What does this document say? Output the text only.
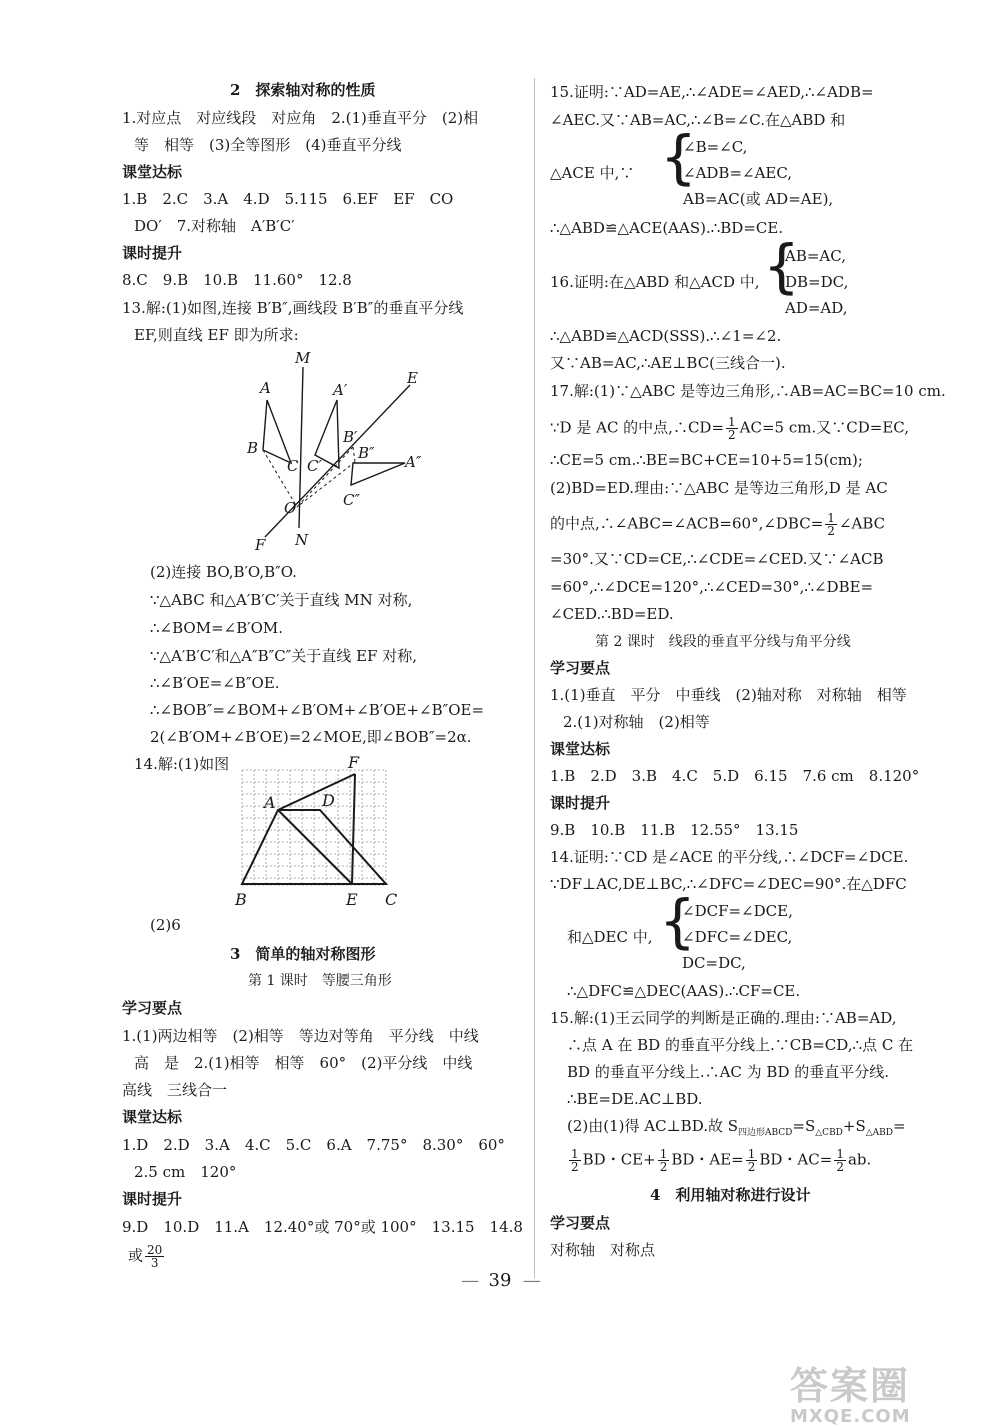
2　探索轴对称的性质
1.对应点　对应线段　对应角　2.(1)垂直平分　(2)相
等　相等　(3)全等图形　(4)垂直平分线
课堂达标
1.B　2.C　3.A　4.D　5.115　6.EF　EF　CO
DO′　7.对称轴　A′B′C′
课时提升
8.C　9.B　10.B　11.60°　12.8
13.解:(1)如图,连接 B′B″,画线段 B′B″的垂直平分线
EF,则直线 EF 即为所求:
M
E
A	A′
B
B′
B″ A″
C C′
C″
O
F N
(2)连接 BO,B′O,B″O.
∵△ABC 和△A′B′C′关于直线 MN 对称,
∴∠BOM=∠B′OM.
∵△A′B′C′和△A″B″C″关于直线 EF 对称,
∴∠B′OE=∠B″OE.
∴∠BOB″=∠BOM+∠B′OM+∠B′OE+∠B″OE=
2(∠B′OM+∠B′OE)=2∠MOE,即∠BOB″=2α.
14.解:(1)如图	F
A	D
B	E C
(2)6
3　简单的轴对称图形
第 1 课时　等腰三角形
学习要点
1.(1)两边相等　(2)相等　等边对等角　平分线　中线
高　是　2.(1)相等　相等　60°　(2)平分线　中线
高线　三线合一
课堂达标
1.D　2.D　3.A　4.C　5.C　6.A　7.75°　8.30°　60°
2.5 cm　120°
课时提升
9.D　10.D　11.A　12.40°或 70°或 100°　13.15　14.8
或 $\frac{20}{3}$
15.证明:∵AD=AE,∴∠ADE=∠AED,∴∠ADB=
∠AEC.又∵AB=AC,∴∠B=∠C.在△ABD 和
△ACE 中,∵ {
∠B=∠C,
∠ADB=∠AEC,
AB=AC(或 AD=AE),
∴△ABD≌△ACE(AAS).∴BD=CE.
16.证明:在△ABD 和△ACD 中, {
AB=AC,
DB=DC,
AD=AD,
∴△ABD≌△ACD(SSS).∴∠1=∠2.
又∵AB=AC,∴AE⊥BC(三线合一).
17.解:(1)∵△ABC 是等边三角形,∴AB=AC=BC=10 cm.
∵D 是 AC 的中点,∴CD= $\frac{1}{2} AC=5$ cm.又∵CD=EC,
∴CE=5 cm.∴BE=BC+CE=10+5=15(cm);
(2)BD=ED.理由:∵△ABC 是等边三角形,D 是 AC
的中点,∴∠ABC=∠ACB=60°,∠DBC= $\frac{1}{2}$ ∠ABC
=30°.又∵CD=CE,∴∠CDE=∠CED.又∵∠ACB
=60°,∴∠DCE=120°,∴∠CED=30°,∴∠DBE=
∠CED.∴BD=ED.
第 2 课时　线段的垂直平分线与角平分线
学习要点
1.(1)垂直　平分　中垂线　(2)轴对称　对称轴　相等
2.(1)对称轴　(2)相等
课堂达标
1.B　2.D　3.B　4.C　5.D　6.15　7.6 cm　8.120°
课时提升
9.B　10.B　11.B　12.55°　13.15
14.证明:∵CD 是∠ACE 的平分线,∴∠DCF=∠DCE.
∵DF⊥AC,DE⊥BC,∴∠DFC=∠DEC=90°.在△DFC
和△DEC 中, {
∠DCF=∠DCE,
∠DFC=∠DEC,
DC=DC,
∴△DFC≌△DEC(AAS).∴CF=CE.
15.解:(1)王云同学的判断是正确的.理由:∵AB=AD,
∴点 A 在 BD 的垂直平分线上.∵CB=CD,∴点 C 在
BD 的垂直平分线上.∴AC 为 BD 的垂直平分线.
∴BE=DE.AC⊥BD.
(2)由(1)得 AC⊥BD.故 $S_{四边形ABCD}=S_{\triangle CBD}+S_{\triangle ABD}=$
$\frac{1}{2}$ BD・$CE+ \frac{1}{2}$ BD・$AE= \frac{1}{2}$ BD・$AC= \frac{1}{2}$ ab.
4　利用轴对称进行设计
学习要点
对称轴　对称点
— 39 —
答案圈
MXQE.COM
